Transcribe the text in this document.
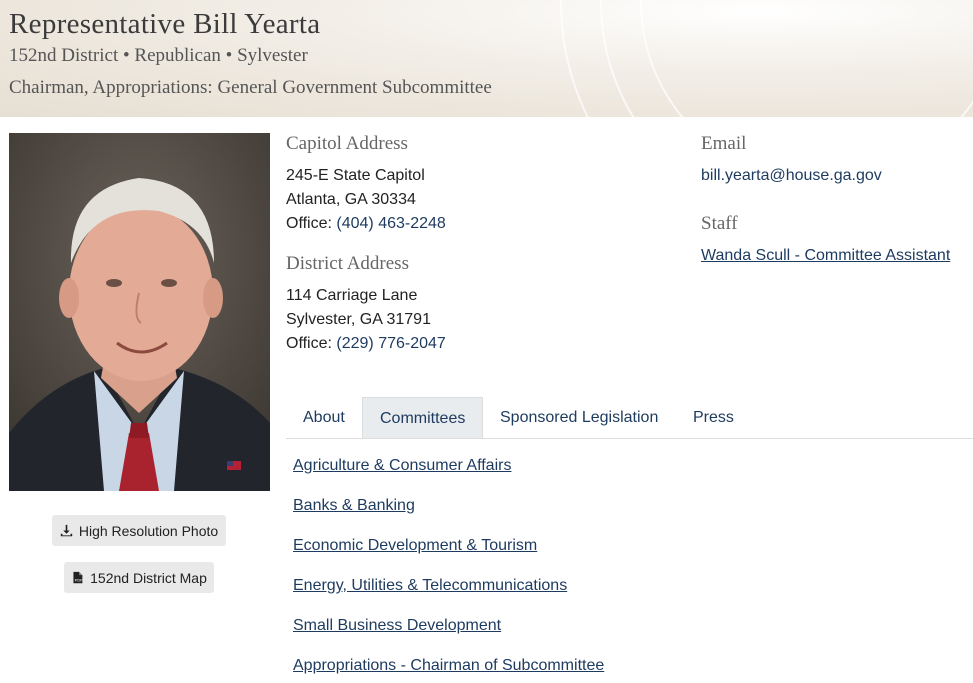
Representative Bill Yearta
152nd District • Republican • Sylvester
Chairman, Appropriations: General Government Subcommittee
High Resolution Photo
PDF 152nd District Map
Capitol Address
245-E State Capitol
Atlanta, GA 30334
Office: (404) 463-2248
District Address
114 Carriage Lane
Sylvester, GA 31791
Office: (229) 776-2047
Email
bill.yearta@house.ga.gov
Staff
Wanda Scull - Committee Assistant
About	Committees	Sponsored Legislation	Press
Agriculture & Consumer Affairs
Banks & Banking
Economic Development & Tourism
Energy, Utilities & Telecommunications
Small Business Development
Appropriations - Chairman of Subcommittee
